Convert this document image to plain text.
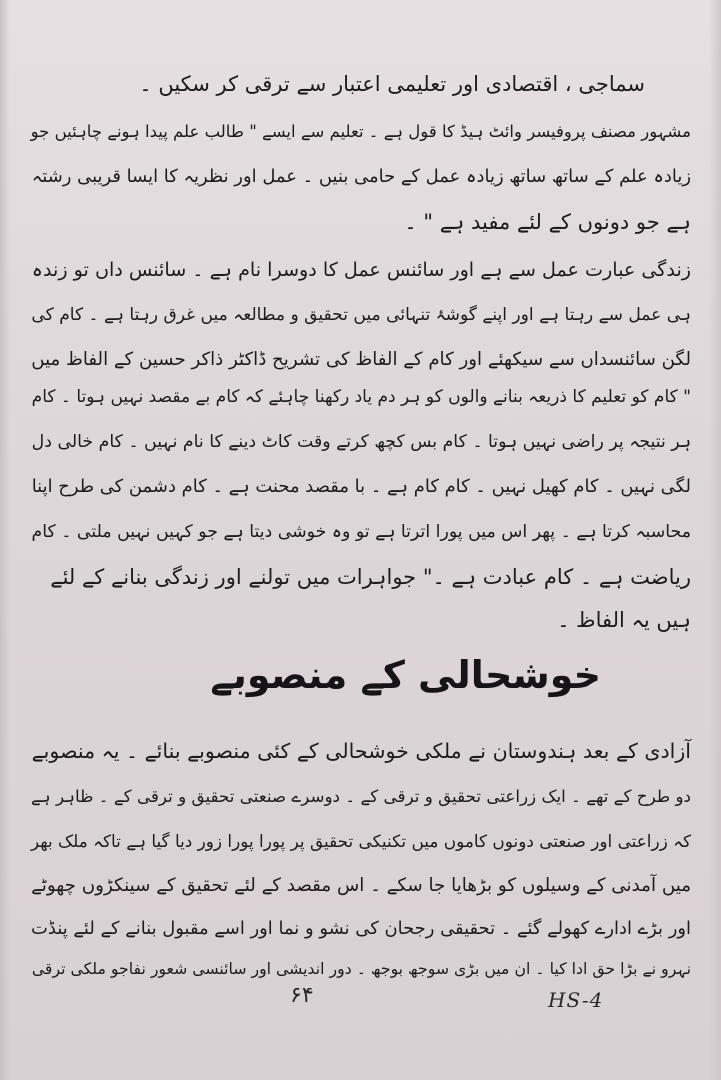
سماجی ، اقتصادی اور تعلیمی اعتبار سے ترقی کر سکیں ۔
مشہور مصنف پروفیسر وائٹ ہیڈ کا قول ہے ۔ تعلیم سے ایسے " طالب علم پیدا ہونے چاہئیں جو
زیادہ علم کے ساتھ ساتھ زیادہ عمل کے حامی بنیں ۔ عمل اور نظریہ کا ایسا قریبی رشتہ
ہے جو دونوں کے لئے مفید ہے " ۔
زندگی عبارت عمل سے ہے اور سائنس عمل کا دوسرا نام ہے ۔ سائنس داں تو زندہ
ہی عمل سے رہتا ہے اور اپنے گوشۂ تنہائی میں تحقیق و مطالعہ میں غرق رہتا ہے ۔ کام کی
لگن سائنسداں سے سیکھئے اور کام کے الفاظ کی تشریح ڈاکٹر ذاکر حسین کے الفاظ میں
" کام کو تعلیم کا ذریعہ بنانے والوں کو ہر دم یاد رکھنا چاہئے کہ کام بے مقصد نہیں ہوتا ۔ کام
ہر نتیجہ پر راضی نہیں ہوتا ۔ کام بس کچھ کرتے وقت کاٹ دینے کا نام نہیں ۔ کام خالی دل
لگی نہیں ۔ کام کھیل نہیں ۔ کام کام ہے ۔ با مقصد محنت ہے ۔ کام دشمن کی طرح اپنا
محاسبہ کرتا ہے ۔ پھر اس میں پورا اترتا ہے تو وہ خوشی دیتا ہے جو کہیں نہیں ملتی ۔ کام
ریاضت ہے ۔ کام عبادت ہے ۔" جواہرات میں تولنے اور زندگی بنانے کے لئے
ہیں یہ الفاظ ۔
خوشحالی کے منصوبے
آزادی کے بعد ہندوستان نے ملکی خوشحالی کے کئی منصوبے بنائے ۔ یہ منصوبے
دو طرح کے تھے ۔ ایک زراعتی تحقیق و ترقی کے ۔ دوسرے صنعتی تحقیق و ترقی کے ۔ ظاہر ہے
کہ زراعتی اور صنعتی دونوں کاموں میں تکنیکی تحقیق پر پورا پورا زور دیا گیا ہے تاکہ ملک بھر
میں آمدنی کے وسیلوں کو بڑھایا جا سکے ۔ اس مقصد کے لئے تحقیق کے سینکڑوں چھوٹے
اور بڑے ادارے کھولے گئے ۔ تحقیقی رجحان کی نشو و نما اور اسے مقبول بنانے کے لئے پنڈت
نہرو نے بڑا حق ادا کیا ۔ ان میں بڑی سوجھ بوجھ ۔ دور اندیشی اور سائنسی شعور نفاجو ملکی ترقی
۶۴	HS-4
